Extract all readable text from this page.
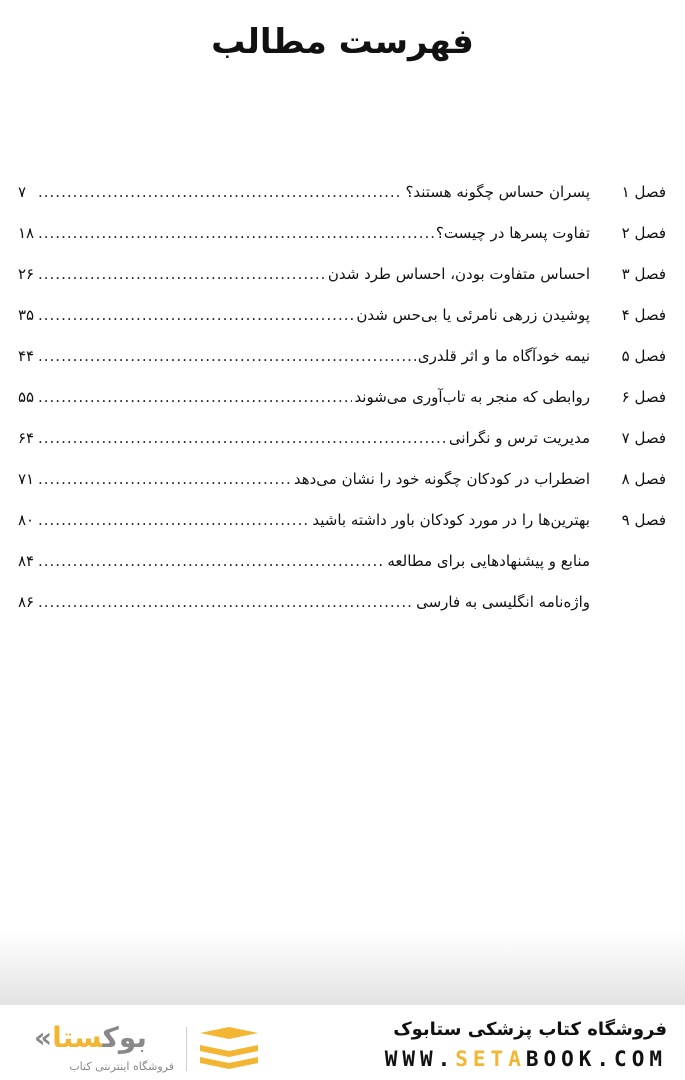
فهرست مطالب
فصل ۱
پسران حساس چگونه هستند؟
.....
۷
فصل ۲
تفاوت پسرها در چیست؟
.....
۱۸
فصل ۳
احساس متفاوت بودن، احساس طرد شدن
.....
۲۶
فصل ۴
پوشیدن زرهی نامرئی یا بی‌حس شدن
.....
۳۵
فصل ۵
نیمه خودآگاه ما و اثر قلدری
.....
۴۴
فصل ۶
روابطی که منجر به تاب‌آوری می‌شوند
.....
۵۵
فصل ۷
مدیریت ترس و نگرانی
.....
۶۴
فصل ۸
اضطراب در کودکان چگونه خود را نشان می‌دهد
.....
۷۱
فصل ۹
بهترین‌ها را در مورد کودکان باور داشته باشید
.....
۸۰
منابع و پیشنهادهایی برای مطالعه
.....
۸۴
واژه‌نامه انگلیسی به فارسی
.....
۸۶
فروشگاه کتاب پزشکی ستابوک
WWW.SETABOOK.COM
« بوکستا
فروشگاه اینترنتی کتاب
